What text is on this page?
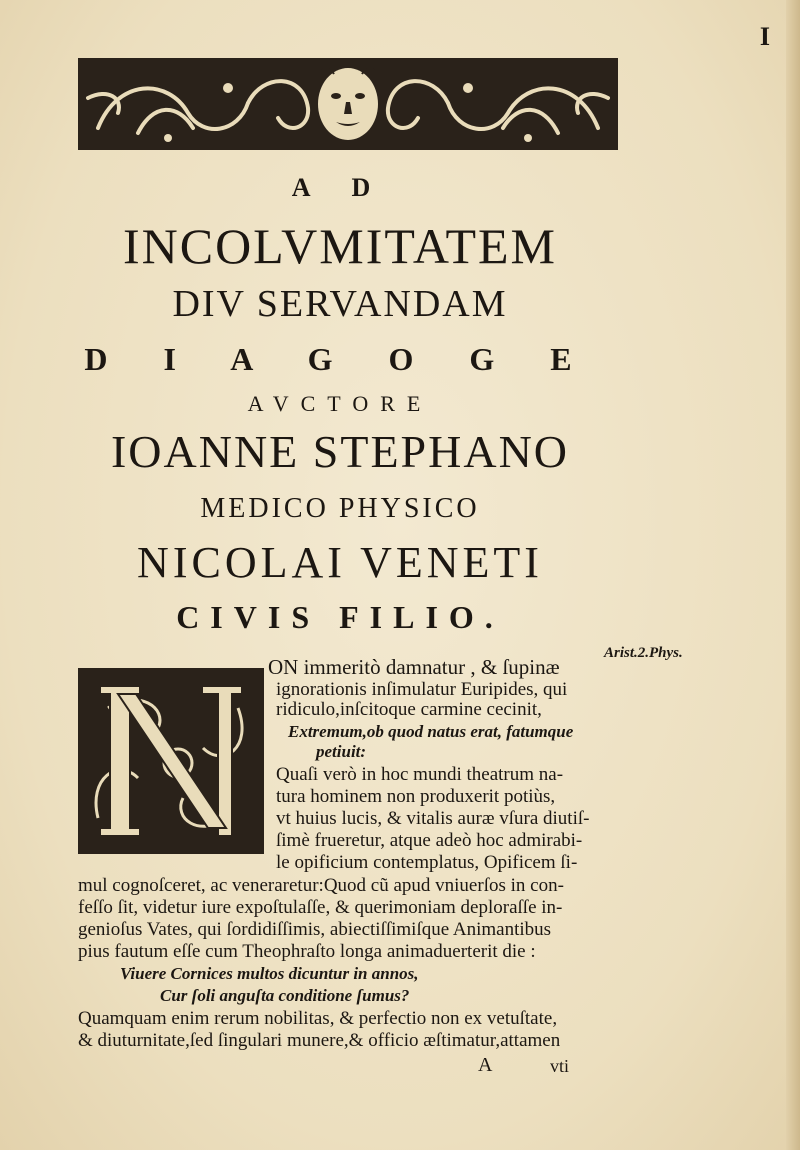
I

A D

INCOLVMITATEM

DIV SERVANDAM

D I A G O G E

AVCTORE

IOANNE STEPHANO

MEDICO PHYSICO

NICOLAI VENETI

CIVIS FILIO.

Arist.2.Phys.
ON immeritò damnatur , & ſupinæ
ignorationis inſimulatur Euripides, qui
ridiculo,inſcitoque carmine cecinit,
Extremum,ob quod natus erat, fatumque
petiuit:
Quaſi verò in hoc mundi theatrum na-
tura hominem non produxerit potiùs,
vt huius lucis, & vitalis auræ vſura diutiſ-
ſimè frueretur, atque adeò hoc admirabi-
le opificium contemplatus, Opificem ſi-
mul cognoſceret, ac veneraretur:Quod cũ apud vniuerſos in con-
feſſo ſit, videtur iure expoſtulaſſe, & querimoniam deploraſſe in-
genioſus Vates, qui ſordidiſſimis, abiectiſſimiſque Animantibus
pius fautum eſſe cum Theophraſto longa animaduerterit die :
Viuere Cornices multos dicuntur in annos,
Cur ſoli anguſta conditione ſumus?
Quamquam enim rerum nobilitas, & perfectio non ex vetuſtate,
& diuturnitate,ſed ſingulari munere,& officio æſtimatur,attamen
A	vti
